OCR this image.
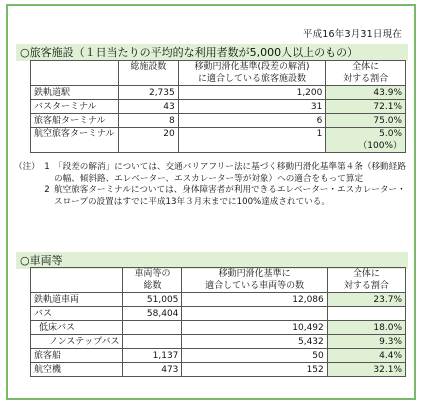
平成16年3月31日現在
○旅客施設（１日当たりの平均的な利用者数が5,000人以上のもの）
○車両等
	総施設数	移動円滑化基準(段差の解消)
に適合している旅客施設数	全体に
対する割合
鉄軌道駅	2,735	1,200	43.9%
バスターミナル	43	31	72.1%
旅客船ターミナル	8	6	75.0%
航空旅客ターミナル	20	1	5.0%
（100%）
（注） 1 「段差の解消」については、交通バリアフリー法に基づく移動円滑化基準第４条（移動経路の幅、傾斜路、エレベーター、エスカレーター等が対象）への適合をもって算定
2 航空旅客ターミナルについては、身体障害者が利用できるエレベーター・エスカレーター・スロープの設置はすでに平成13年３月末までに100%達成されている。
	車両等の
総数	移動円滑化基準に
適合している車両等の数	全体に
対する割合
鉄軌道車両	51,005	12,086	23.7%
バス	58,404		
低床バス		10,492	18.0%
ノンステップバス		5,432	9.3%
旅客船	1,137	50	4.4%
航空機	473	152	32.1%
